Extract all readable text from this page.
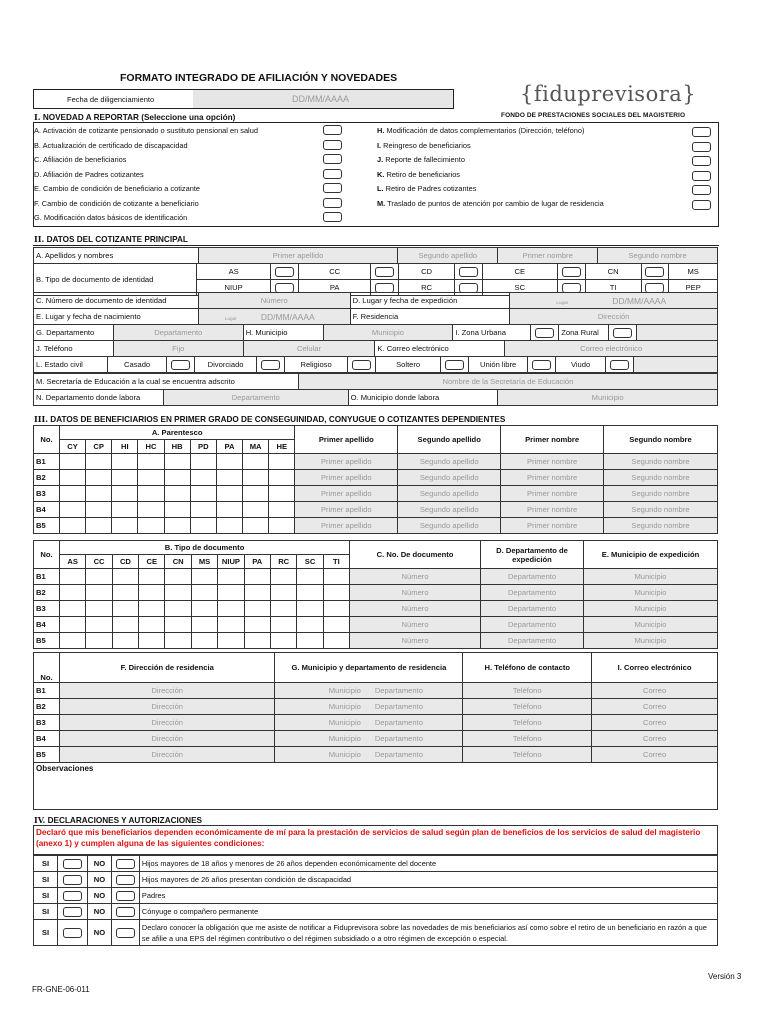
FORMATO INTEGRADO DE AFILIACIÓN Y NOVEDADES
Fecha de diligenciamiento	DD/MM/AAAA	{fiduprevisora}
FONDO DE PRESTACIONES SOCIALES DEL MAGISTERIO
I. NOVEDAD A REPORTAR (Seleccione una opción)
A. Activación de cotizante pensionado o sustituto pensional en salud
B. Actualización de certificado de discapacidad
C. Afiliación de beneficiarios
D. Afiliación de Padres cotizantes
E. Cambio de condición de beneficiario a cotizante
F. Cambio de condición de cotizante a beneficiario
G. Modificación datos básicos de identificación
H. Modificación de datos complementarios (Dirección, teléfono)
I. Reingreso de beneficiarios
J. Reporte de fallecimiento
K. Retiro de beneficiarios
L. Retiro de Padres cotizantes
M. Traslado de puntos de atención por cambio de lugar de residencia
II. DATOS DEL COTIZANTE PRINCIPAL
A. Apellidos y nombres	Primer apellido	Segundo apellido	Primer nombre	Segundo nombre
B. Tipo de documento de identidad	AS		CC		CD		CE		CN		MS
	NIUP		PA		RC		SC		TI		PEP
C. Número de documento de identidad	Número	D. Lugar y fecha de expedición	Lugar DD/MM/AAAA
E. Lugar y fecha de nacimiento	Lugar DD/MM/AAAA	F. Residencia	Dirección
G. Departamento	Departamento	H. Municipio	Municipio	I. Zona Urbana		Zona Rural		
J. Teléfono	Fijo	Celular	K. Correo electrónico	Correo electrónico
L. Estado civil	Casado		Divorciado		Religioso		Soltero		Unión libre		Viudo		
M. Secretaría de Educación a la cual se encuentra adscrito	Nombre de la Secretaría de Educación
N. Departamento donde labora	Departamento	O. Municipio donde labora	Municipio
III. DATOS DE BENEFICIARIOS EN PRIMER GRADO DE CONSEGUINIDAD, CONYUGUE O COTIZANTES DEPENDIENTES
No.	A. Parentesco									Primer apellido	Segundo apellido	Primer nombre	Segundo nombre
	CY	CP	HI	HC	HB	PD	PA	MA	HE				
B1										Primer apellido	Segundo apellido	Primer nombre	Segundo nombre
B2										Primer apellido	Segundo apellido	Primer nombre	Segundo nombre
B3										Primer apellido	Segundo apellido	Primer nombre	Segundo nombre
B4										Primer apellido	Segundo apellido	Primer nombre	Segundo nombre
B5										Primer apellido	Segundo apellido	Primer nombre	Segundo nombre
No.	B. Tipo de documento											C. No. De documento	D. Departamento de expedición	E. Municipio de expedición
	AS	CC	CD	CE	CN	MS	NIUP	PA	RC	SC	TI			
B1												Número	Departamento	Municipio
B2												Número	Departamento	Municipio
B3												Número	Departamento	Municipio
B4												Número	Departamento	Municipio
B5												Número	Departamento	Municipio
No.	F. Dirección de residencia	G. Municipio y departamento de residencia	H. Teléfono de contacto	I. Correo electrónico
B1	Dirección	Municipio Departamento	Teléfono	Correo
B2	Dirección	Municipio Departamento	Teléfono	Correo
B3	Dirección	Municipio Departamento	Teléfono	Correo
B4	Dirección	Municipio Departamento	Teléfono	Correo
B5	Dirección	Municipio Departamento	Teléfono	Correo
Observaciones
IV. DECLARACIONES Y AUTORIZACIONES
Declaró que mis beneficiarios dependen económicamente de mí para la prestación de servicios de salud según plan de beneficios de los servicios de salud del magisterio (anexo 1) y cumplen alguna de las siguientes condiciones:
SI		NO		Hijos mayores de 18 años y menores de 26 años dependen económicamente del docente
SI		NO		Hijos mayores de 26 años presentan condición de discapacidad
SI		NO		Padres
SI		NO		Cónyuge o compañero permanente
SI		NO		Declaro conocer la obligación que me asiste de notificar a Fiduprevisora sobre las novedades de mis beneficiarios así como sobre el retiro de un beneficiario en razón a que se afilie a una EPS del régimen contributivo o del régimen subsidiado o a otro régimen de excepción o especial.
Versión 3
FR-GNE-06-011
